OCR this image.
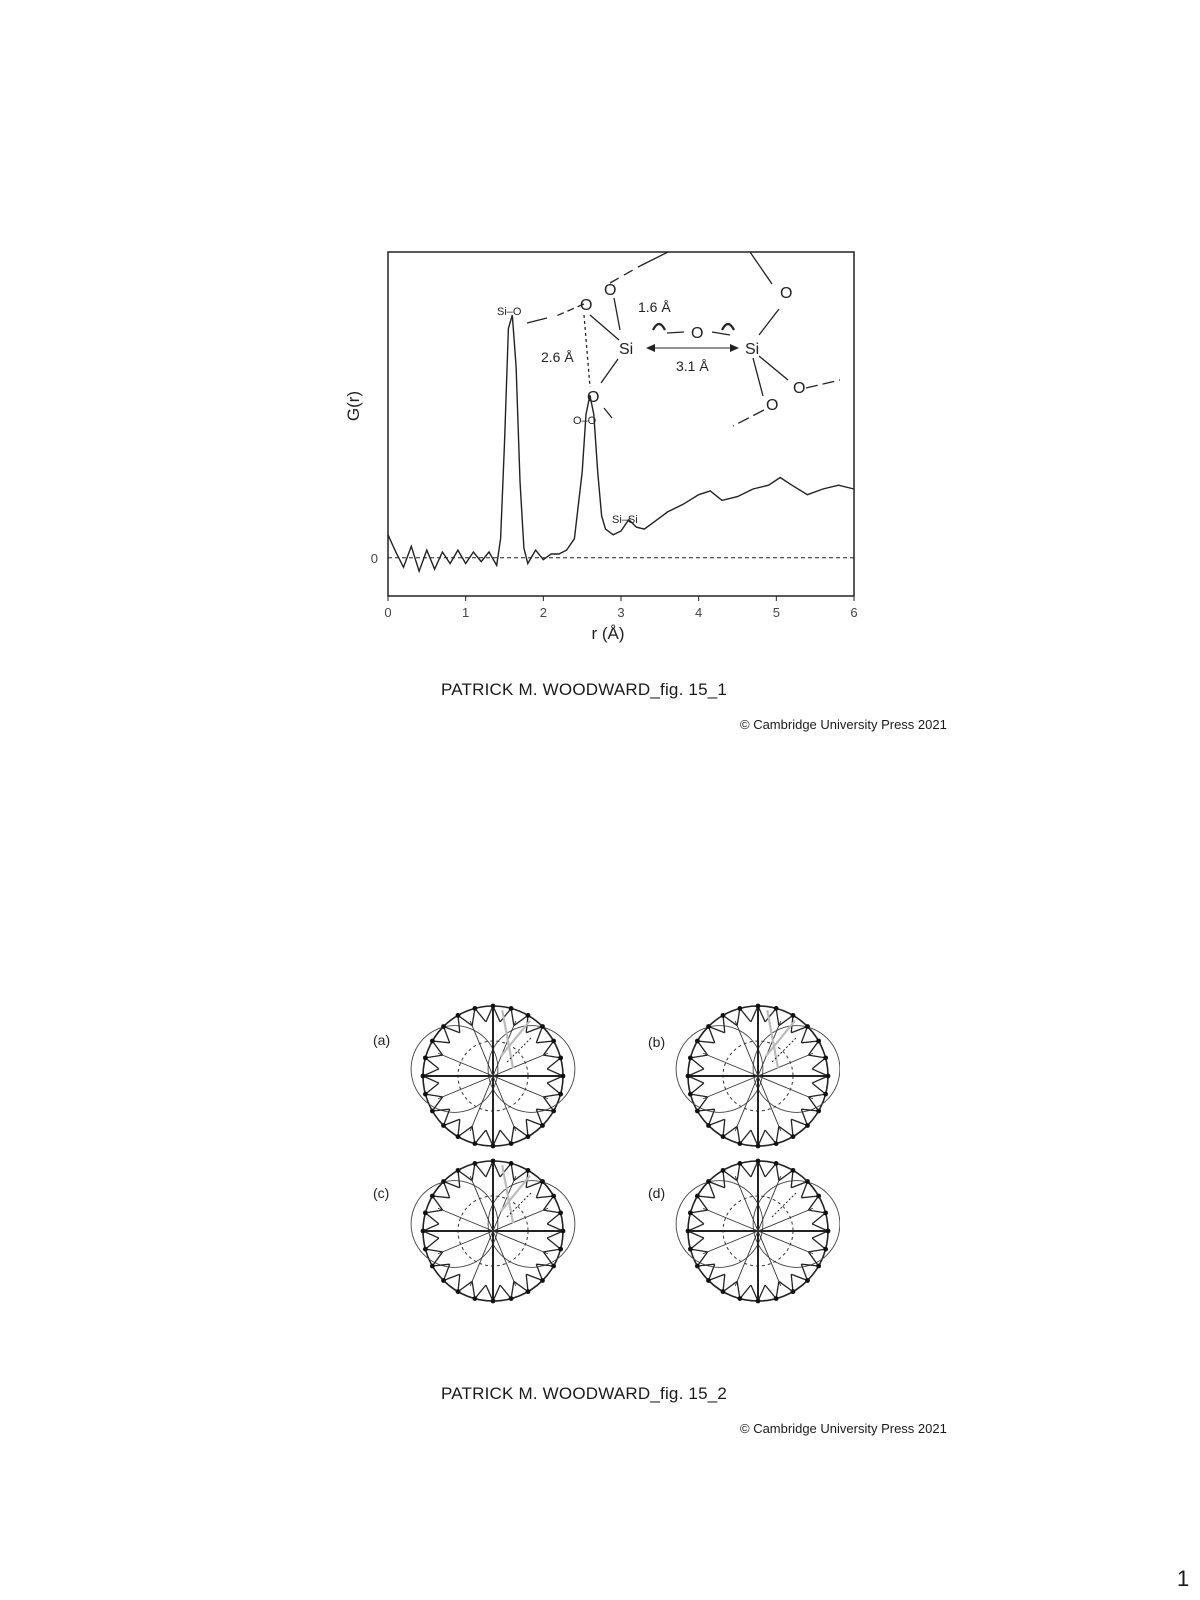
0	1	2	3	4	5	6
0
r (Å)
G(r)
Si–O
O–O
Si–Si
O
O
O
O
O
O
O
Si	Si
1.6 Å
3.1 Å
2.6 Å
PATRICK M. WOODWARD_fig. 15_1
© Cambridge University Press 2021
(a)	(b)
(c)	(d)
PATRICK M. WOODWARD_fig. 15_2
© Cambridge University Press 2021
1
